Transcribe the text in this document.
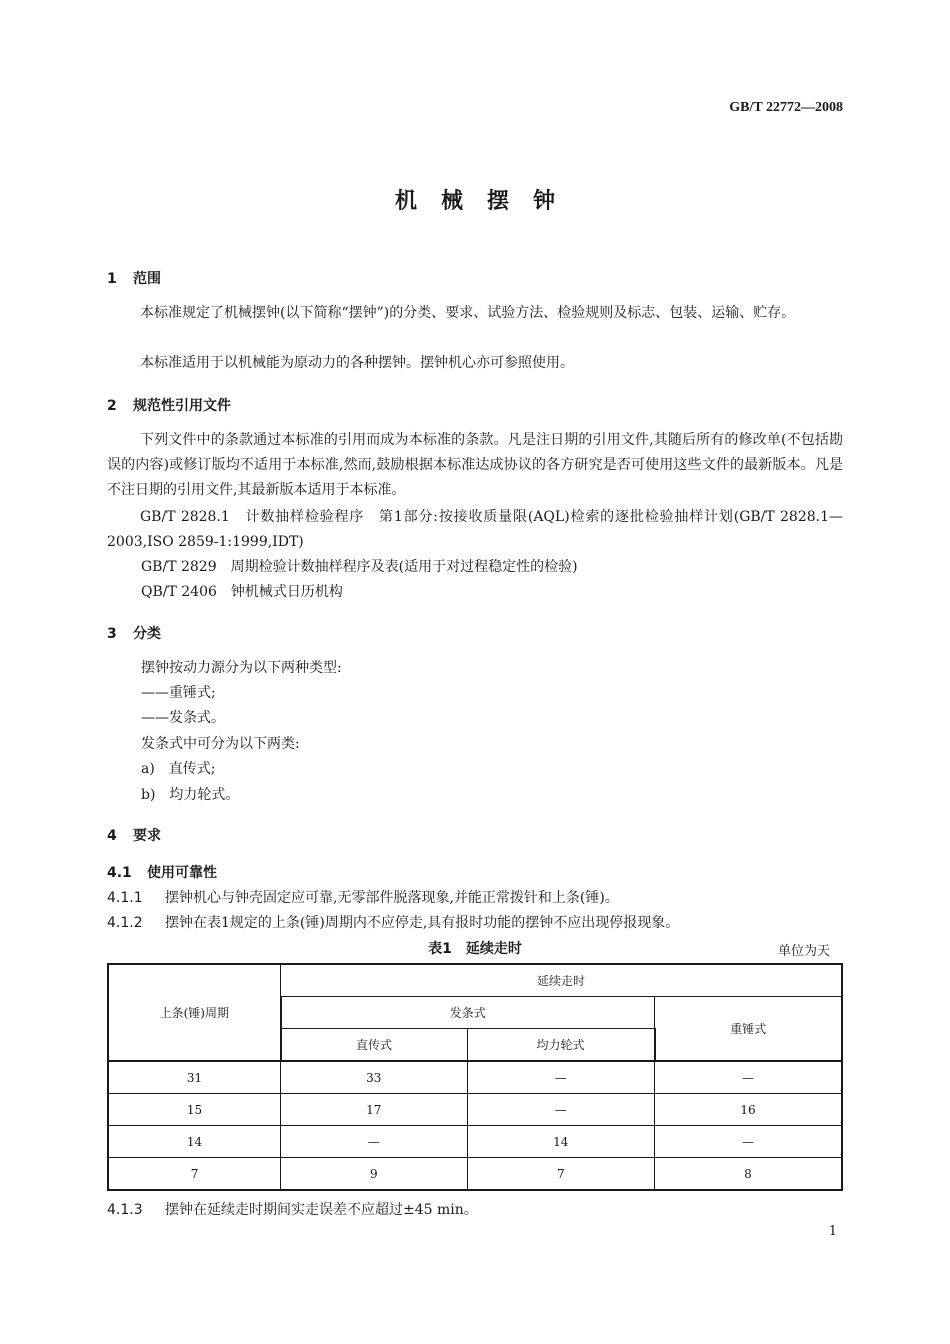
GB/T 22772—2008
机械摆钟
1 范围
本标准规定了机械摆钟(以下简称“摆钟”)的分类、要求、试验方法、检验规则及标志、包装、运输、贮存。
本标准适用于以机械能为原动力的各种摆钟。摆钟机心亦可参照使用。
2 规范性引用文件
下列文件中的条款通过本标准的引用而成为本标准的条款。凡是注日期的引用文件,其随后所有的修改单(不包括勘误的内容)或修订版均不适用于本标准,然而,鼓励根据本标准达成协议的各方研究是否可使用这些文件的最新版本。凡是不注日期的引用文件,其最新版本适用于本标准。
GB/T 2828.1　计数抽样检验程序　第1部分:按接收质量限(AQL)检索的逐批检验抽样计划(GB/T 2828.1—2003,ISO 2859-1:1999,IDT)
GB/T 2829　周期检验计数抽样程序及表(适用于对过程稳定性的检验)
QB/T 2406　钟机械式日历机构
3 分类
摆钟按动力源分为以下两种类型:
——重锤式;
——发条式。
发条式中可分为以下两类:
a)　直传式;
b)　均力轮式。
4 要求
4.1 使用可靠性
4.1.1 摆钟机心与钟壳固定应可靠,无零部件脱落现象,并能正常拨针和上条(锤)。
4.1.2 摆钟在表1规定的上条(锤)周期内不应停走,具有报时功能的摆钟不应出现停报现象。
表1　延续走时	单位为天
上条(锤)周期	延续走时		
	发条式		重锤式
	直传式	均力轮式	
31	33	—	—
15	17	—	16
14	—	14	—
7	9	7	8
4.1.3 摆钟在延续走时期间实走误差不应超过±45 min。
1
